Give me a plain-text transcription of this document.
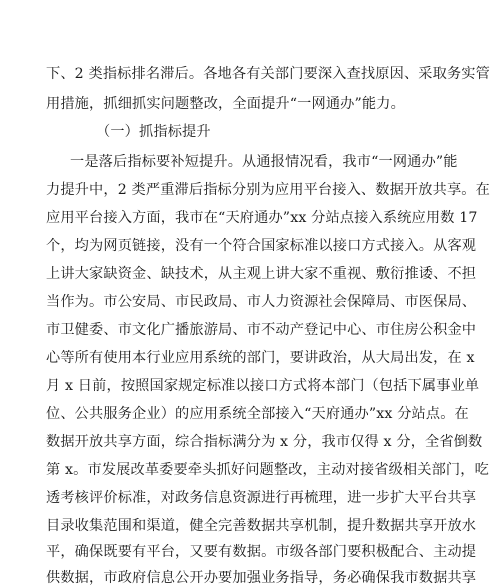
下、2 类指标排名滞后。各地各有关部门要深入查找原因、采取务实管
用措施，抓细抓实问题整改，全面提升“一网通办”能力。
（一）抓指标提升
一是落后指标要补短提升。从通报情况看，我市“一网通办”能
力提升中，2 类严重滞后指标分别为应用平台接入、数据开放共享。在
应用平台接入方面，我市在“天府通办”xx 分站点接入系统应用数 17
个，均为网页链接，没有一个符合国家标准以接口方式接入。从客观
上讲大家缺资金、缺技术，从主观上讲大家不重视、敷衍推诿、不担
当作为。市公安局、市民政局、市人力资源社会保障局、市医保局、
市卫健委、市文化广播旅游局、市不动产登记中心、市住房公积金中
心等所有使用本行业应用系统的部门，要讲政治，从大局出发，在 x
月 x 日前，按照国家规定标准以接口方式将本部门（包括下属事业单
位、公共服务企业）的应用系统全部接入“天府通办”xx 分站点。在
数据开放共享方面，综合指标满分为 x 分，我市仅得 x 分，全省倒数
第 x。市发展改革委要牵头抓好问题整改，主动对接省级相关部门，吃
透考核评价标准，对政务信息资源进行再梳理，进一步扩大平台共享
目录收集范围和渠道，健全完善数据共享机制，提升数据共享开放水
平，确保既要有平台，又要有数据。市级各部门要积极配合、主动提
供数据，市政府信息公开办要加强业务指导，务必确保我市数据共享
